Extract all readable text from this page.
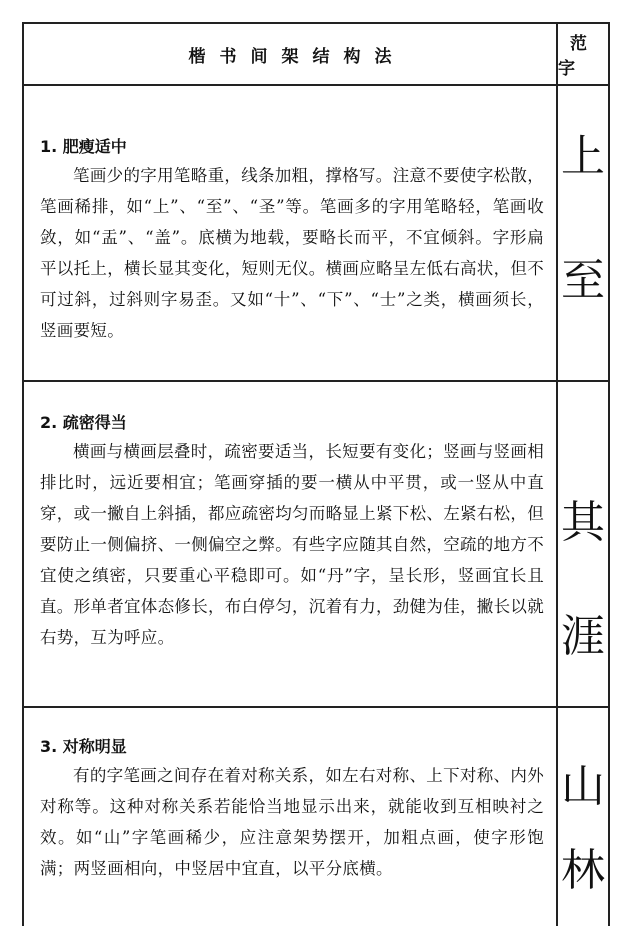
楷书间架结构法
范字

1. 肥瘦适中

笔画少的字用笔略重，线条加粗，撑格写。注意不要使字松散，笔画稀排，如“上”、“至”、“圣”等。笔画多的字用笔略轻，笔画收敛，如“盂”、“盖”。底横为地载，要略长而平，不宜倾斜。字形扁平以托上，横长显其变化，短则无仪。横画应略呈左低右高状，但不可过斜，过斜则字易歪。又如“十”、“下”、“士”之类，横画须长，竖画要短。

上
至

2. 疏密得当

横画与横画层叠时，疏密要适当，长短要有变化；竖画与竖画相排比时，远近要相宜；笔画穿插的要一横从中平贯，或一竖从中直穿，或一撇自上斜插，都应疏密均匀而略显上紧下松、左紧右松，但要防止一侧偏挤、一侧偏空之弊。有些字应随其自然，空疏的地方不宜使之缜密，只要重心平稳即可。如“丹”字，呈长形，竖画宜长且直。形单者宜体态修长，布白停匀，沉着有力，劲健为佳，撇长以就右势，互为呼应。

其
涯

3. 对称明显

有的字笔画之间存在着对称关系，如左右对称、上下对称、内外对称等。这种对称关系若能恰当地显示出来，就能收到互相映衬之效。如“山”字笔画稀少，应注意架势摆开，加粗点画，使字形饱满；两竖画相向，中竖居中宜直，以平分底横。

山
林
